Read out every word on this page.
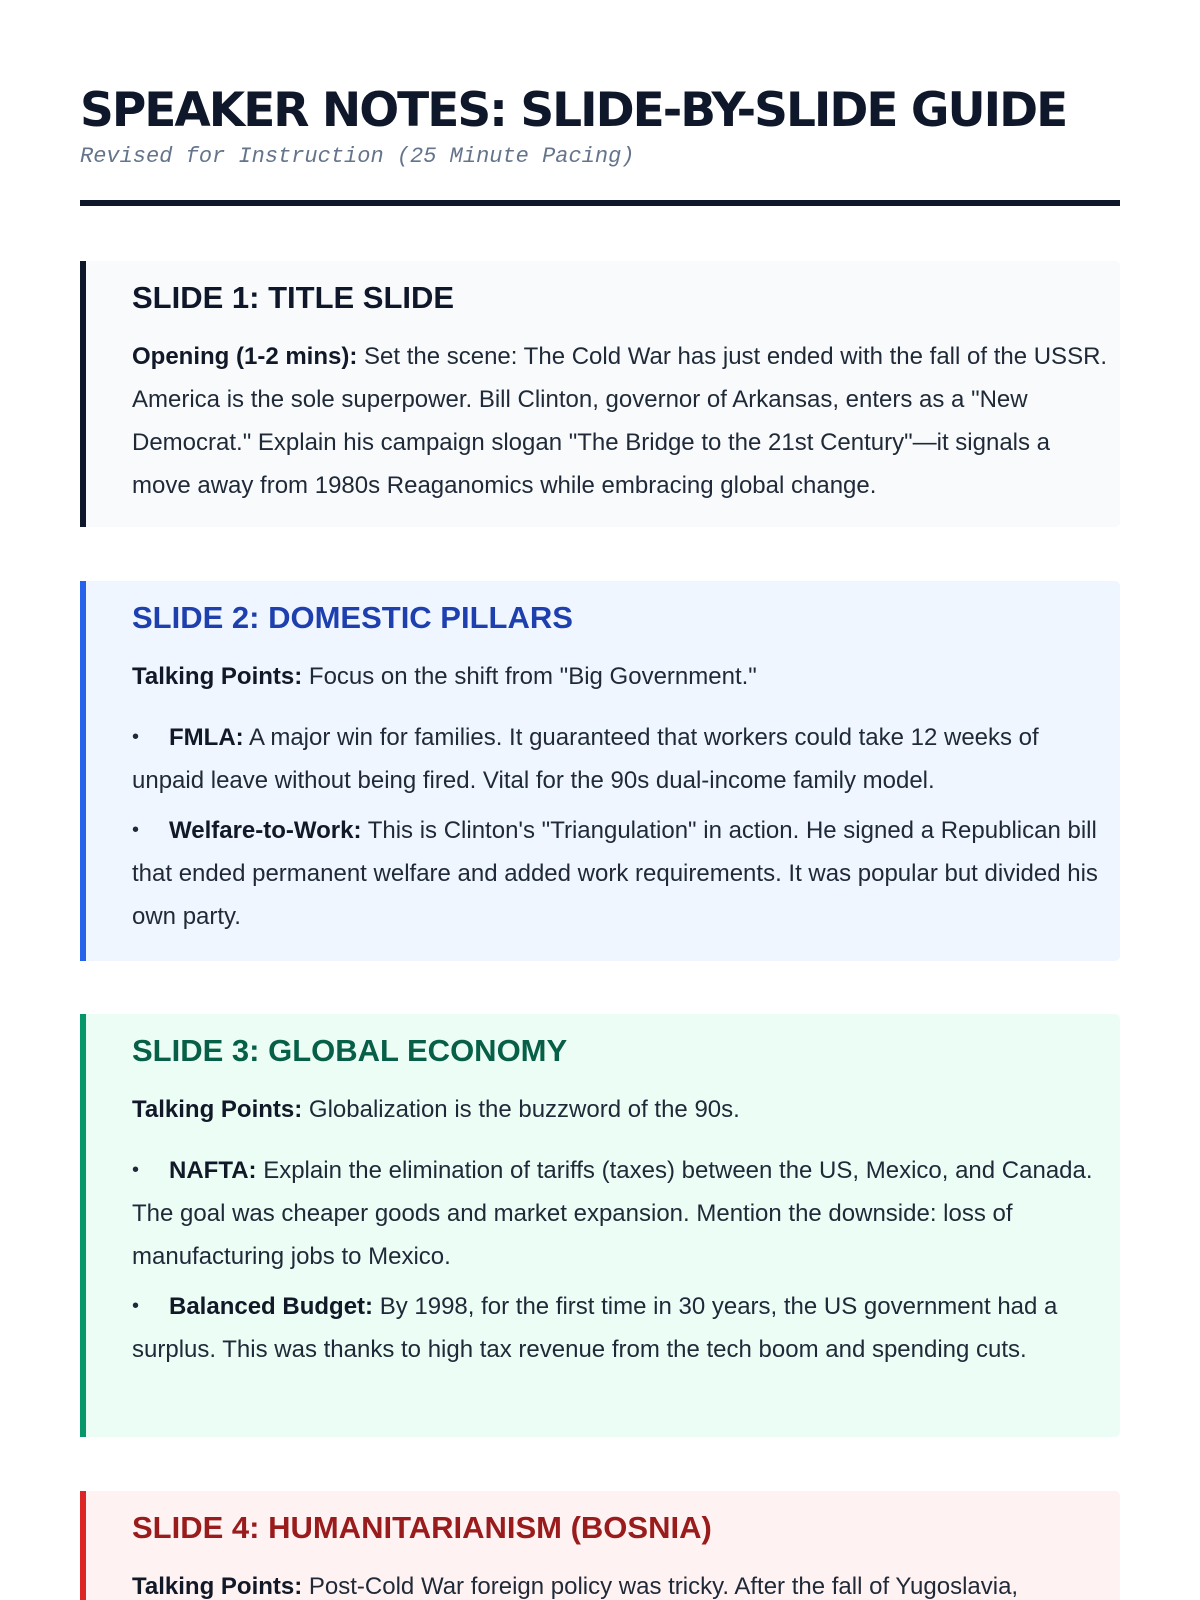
SPEAKER NOTES: SLIDE-BY-SLIDE GUIDE

Revised for Instruction (25 Minute Pacing)

SLIDE 1: TITLE SLIDE

Opening (1-2 mins): Set the scene: The Cold War has just ended with the fall of the USSR. America is the sole superpower. Bill Clinton, governor of Arkansas, enters as a "New Democrat." Explain his campaign slogan "The Bridge to the 21st Century"—it signals a move away from 1980s Reaganomics while embracing global change.

SLIDE 2: DOMESTIC PILLARS

Talking Points: Focus on the shift from "Big Government."

• FMLA: A major win for families. It guaranteed that workers could take 12 weeks of unpaid leave without being fired. Vital for the 90s dual-income family model.
• Welfare-to-Work: This is Clinton's "Triangulation" in action. He signed a Republican bill that ended permanent welfare and added work requirements. It was popular but divided his own party.
SLIDE 3: GLOBAL ECONOMY

Talking Points: Globalization is the buzzword of the 90s.

• NAFTA: Explain the elimination of tariffs (taxes) between the US, Mexico, and Canada. The goal was cheaper goods and market expansion. Mention the downside: loss of manufacturing jobs to Mexico.
• Balanced Budget: By 1998, for the first time in 30 years, the US government had a surplus. This was thanks to high tax revenue from the tech boom and spending cuts.
SLIDE 4: HUMANITARIANISM (BOSNIA)

Talking Points: Post-Cold War foreign policy was tricky. After the fall of Yugoslavia,
